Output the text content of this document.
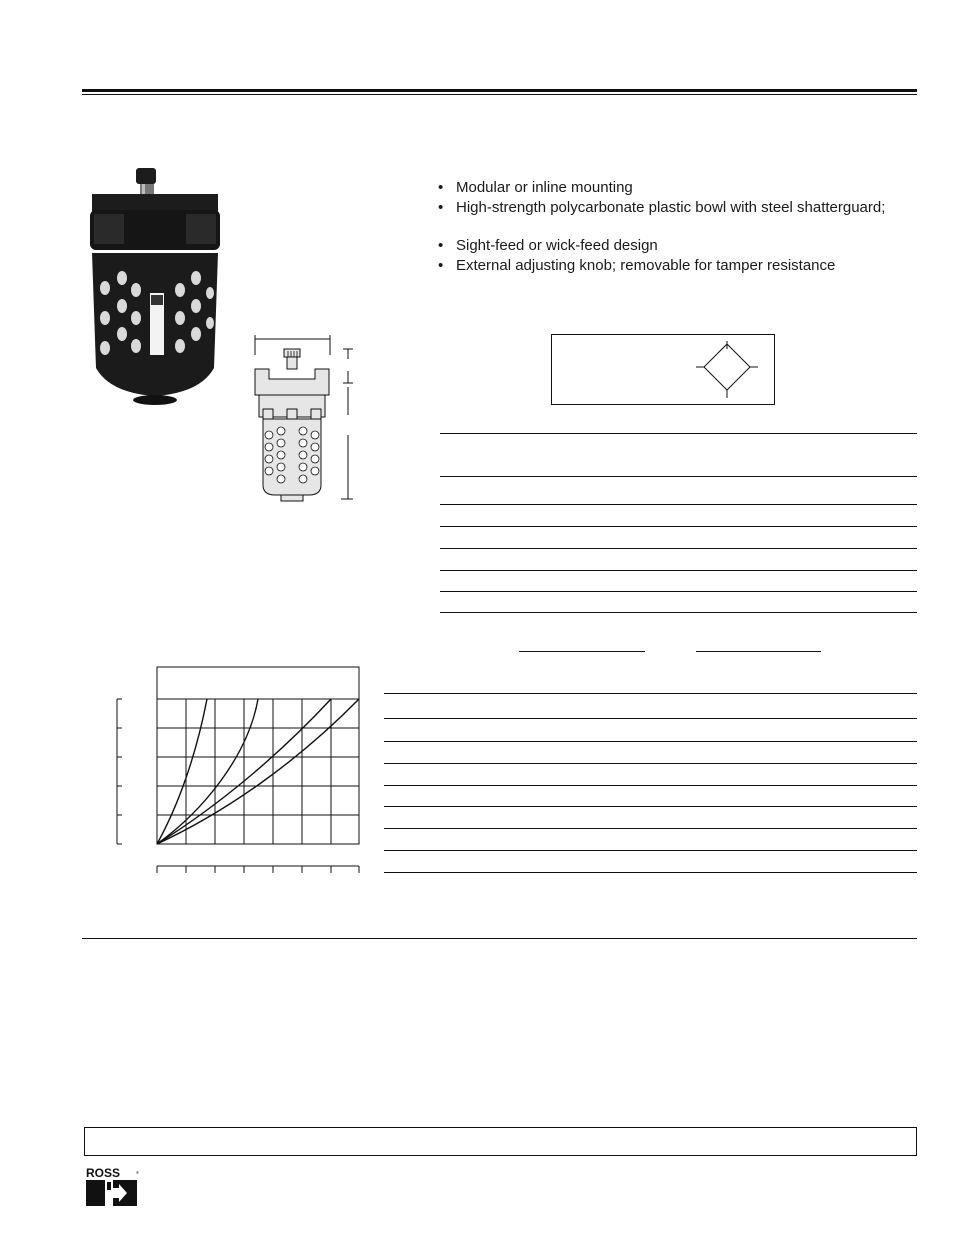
• Modular or inline mounting
• High-strength polycarbonate plastic bowl with steel shatterguard;
• Sight-feed or wick-feed design
• External adjusting knob; removable for tamper resistance
ROSS	®
